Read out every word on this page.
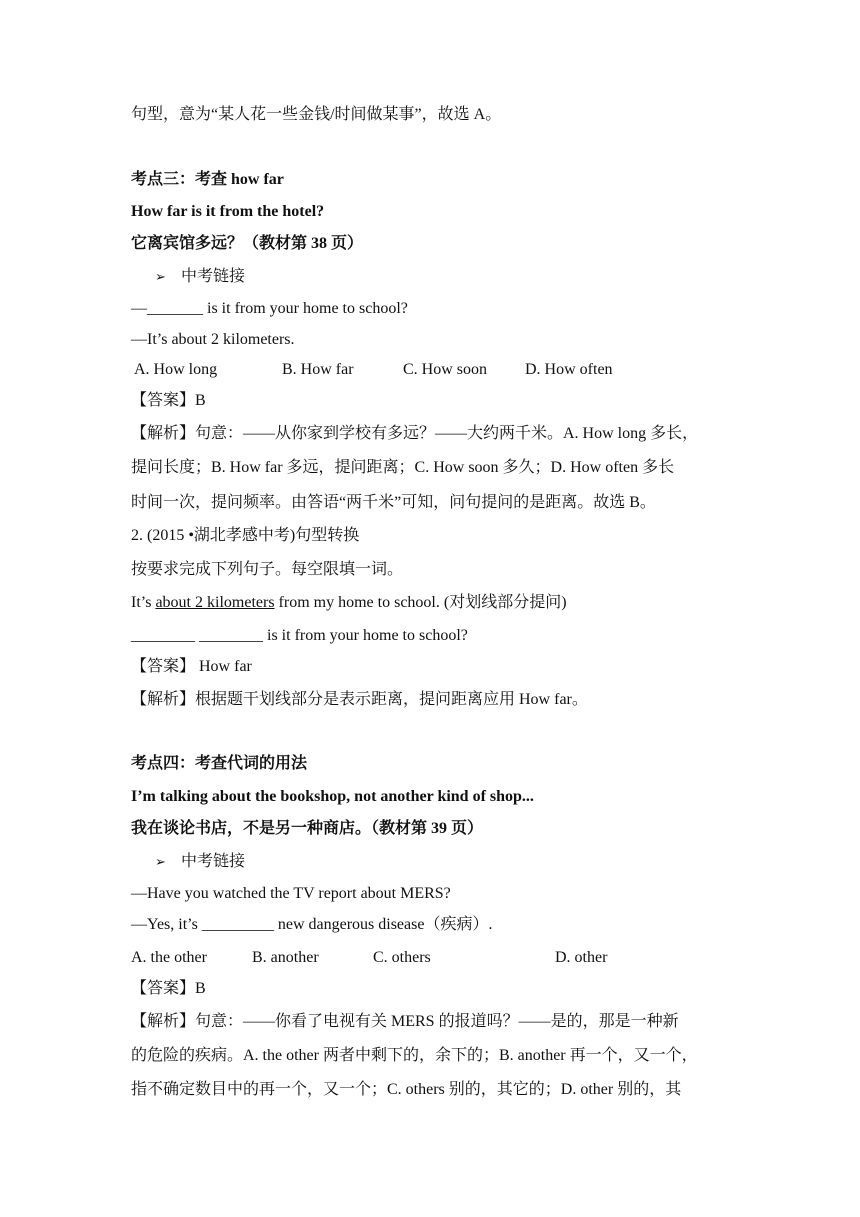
句型，意为“某人花一些金钱/时间做某事”，故选 A。
考点三：考查 how far
How far is it from the hotel?
它离宾馆多远？（教材第 38 页）
➢ 中考链接
—_______ is it from your home to school?
—It’s about 2 kilometers.
A. How long	B. How far	C. How soon D. How often
【答案】B
【解析】句意：——从你家到学校有多远？——大约两千米。A. How long 多长，
提问长度；B. How far 多远，提问距离；C. How soon 多久；D. How often 多长
时间一次，提问频率。由答语“两千米”可知，问句提问的是距离。故选 B。
2. (2015 •湖北孝感中考)句型转换
按要求完成下列句子。每空限填一词。
It’s about 2 kilometers from my home to school. (对划线部分提问)
________ ________ is it from your home to school?
【答案】 How far
【解析】根据题干划线部分是表示距离，提问距离应用 How far。
考点四：考查代词的用法
I’m talking about the bookshop, not another kind of shop...
我在谈论书店，不是另一种商店。（教材第 39 页）
➢ 中考链接
—Have you watched the TV report about MERS?
—Yes, it’s _________ new dangerous disease（疾病）.
A. the other	B. another	C. others	D. other
【答案】B
【解析】句意：——你看了电视有关 MERS 的报道吗？——是的，那是一种新
的危险的疾病。A. the other 两者中剩下的，余下的；B. another 再一个，又一个，
指不确定数目中的再一个，又一个；C. others 别的，其它的；D. other 别的，其
